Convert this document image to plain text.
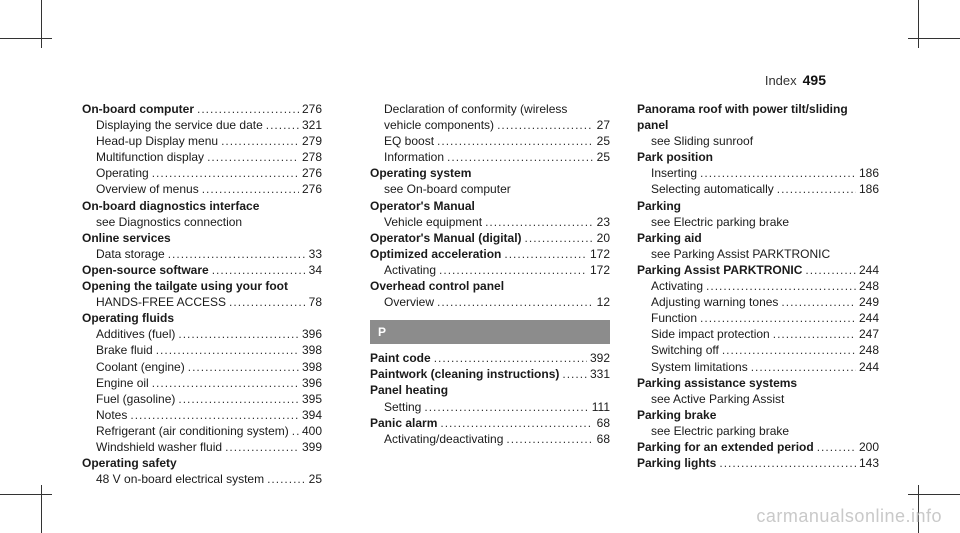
Index 495
On-board computer .....	276
Displaying the service due date .....	321
Head-up Display menu .....	279
Multifunction display .....	278
Operating .....	276
Overview of menus .....	276
On-board diagnostics interface
see Diagnostics connection
Online services
Data storage .....	33
Open-source software .....	34
Opening the tailgate using your foot
HANDS-FREE ACCESS .....	78
Operating fluids
Additives (fuel) .....	396
Brake fluid .....	398
Coolant (engine) .....	398
Engine oil .....	396
Fuel (gasoline) .....	395
Notes .....	394
Refrigerant (air conditioning system) ..... 400
Windshield washer fluid .....	399
Operating safety
48 V on-board electrical system .....	25
Declaration of conformity (wireless
vehicle components) .....	27
EQ boost .....	25
Information .....	25
Operating system
see On-board computer
Operator's Manual
Vehicle equipment .....	23
Operator's Manual (digital) .....	20
Optimized acceleration .....	172
Activating .....	172
Overhead control panel
Overview .....	12
P
Paint code .....	392
Paintwork (cleaning instructions) .....	331
Panel heating
Setting .....	111
Panic alarm .....	68
Activating/deactivating .....	68
Panorama roof with power tilt/sliding
panel
see Sliding sunroof
Park position
Inserting .....	186
Selecting automatically .....	186
Parking
see Electric parking brake
Parking aid
see Parking Assist PARKTRONIC
Parking Assist PARKTRONIC .....	244
Activating .....	248
Adjusting warning tones .....	249
Function .....	244
Side impact protection .....	247
Switching off .....	248
System limitations .....	244
Parking assistance systems
see Active Parking Assist
Parking brake
see Electric parking brake
Parking for an extended period .....	200
Parking lights .....	143
carmanualsonline.info
